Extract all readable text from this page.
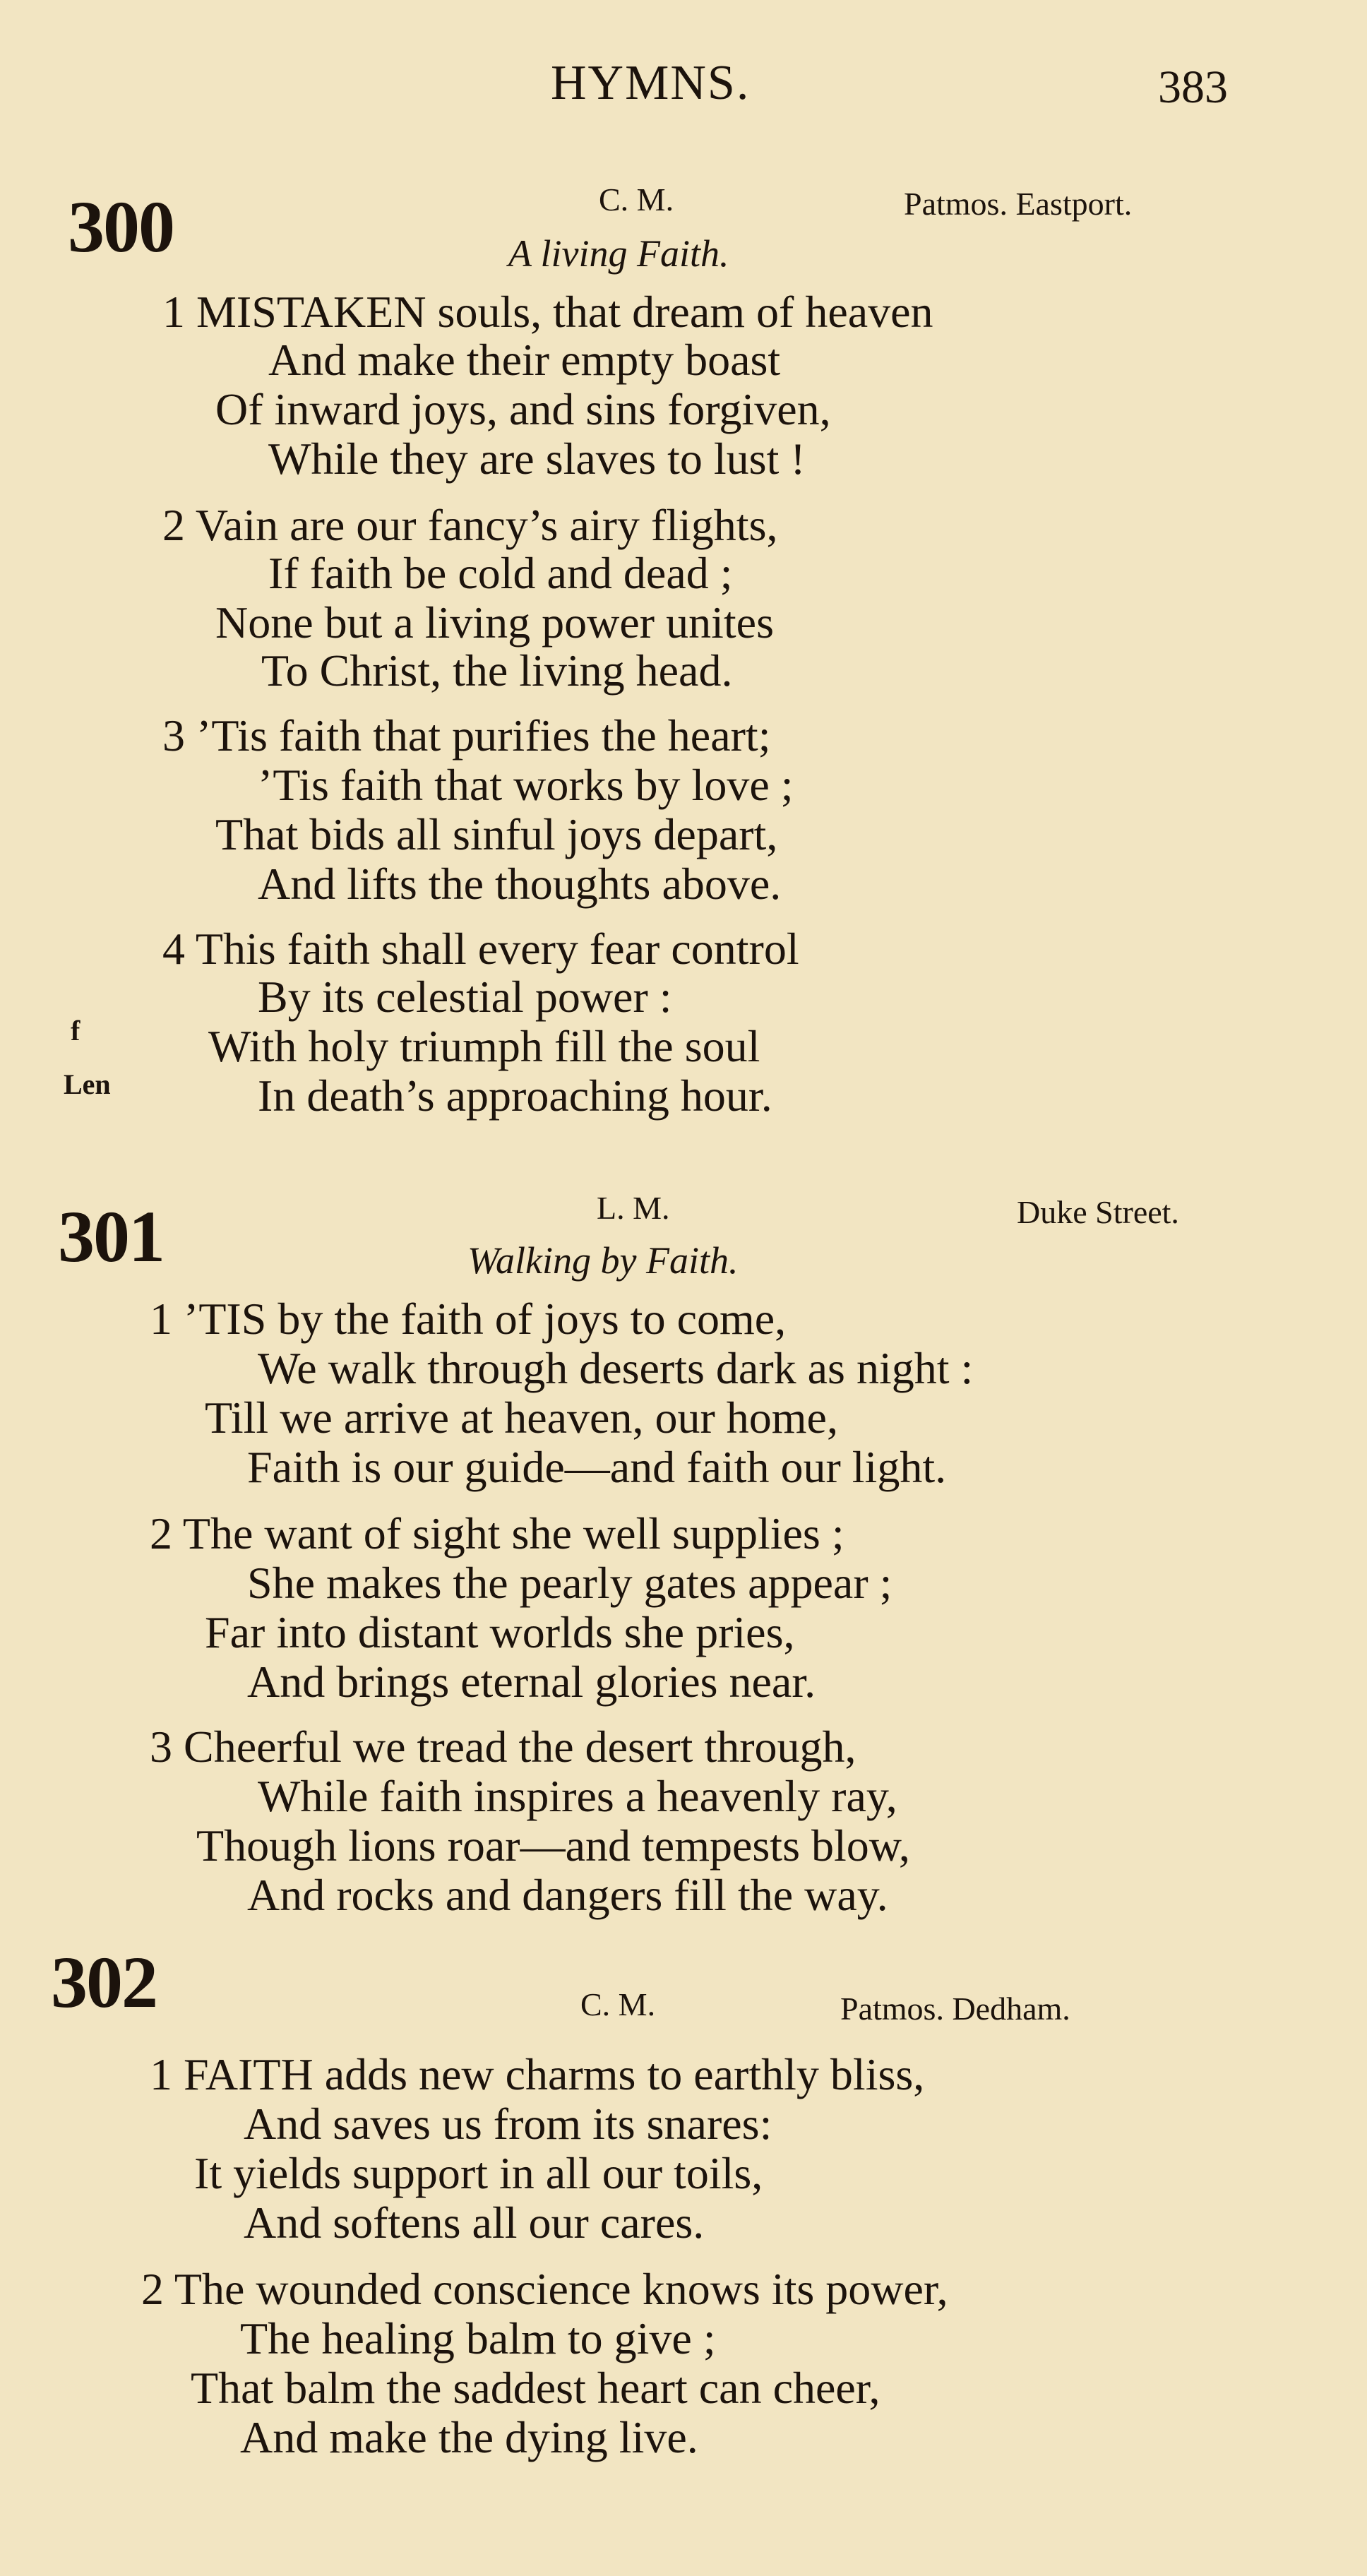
HYMNS.	383
300	C. M.	Patmos. Eastport.
A living Faith.
1 MISTAKEN souls, that dream of heaven
And make their empty boast
Of inward joys, and sins forgiven,
While they are slaves to lust !
2 Vain are our fancy’s airy flights,
If faith be cold and dead ;
None but a living power unites
To Christ, the living head.
3 ’Tis faith that purifies the heart;
’Tis faith that works by love ;
That bids all sinful joys depart,
And lifts the thoughts above.
4 This faith shall every fear control
By its celestial power :
With holy triumph fill the soul
In death’s approaching hour.
f
Len
301	L. M.	Duke Street.
Walking by Faith.
1 ’TIS by the faith of joys to come,
We walk through deserts dark as night :
Till we arrive at heaven, our home,
Faith is our guide—and faith our light.
2 The want of sight she well supplies ;
She makes the pearly gates appear ;
Far into distant worlds she pries,
And brings eternal glories near.
3 Cheerful we tread the desert through,
While faith inspires a heavenly ray,
Though lions roar—and tempests blow,
And rocks and dangers fill the way.
302	C. M.	Patmos. Dedham.
1 FAITH adds new charms to earthly bliss,
And saves us from its snares:
It yields support in all our toils,
And softens all our cares.
2 The wounded conscience knows its power,
The healing balm to give ;
That balm the saddest heart can cheer,
And make the dying live.
